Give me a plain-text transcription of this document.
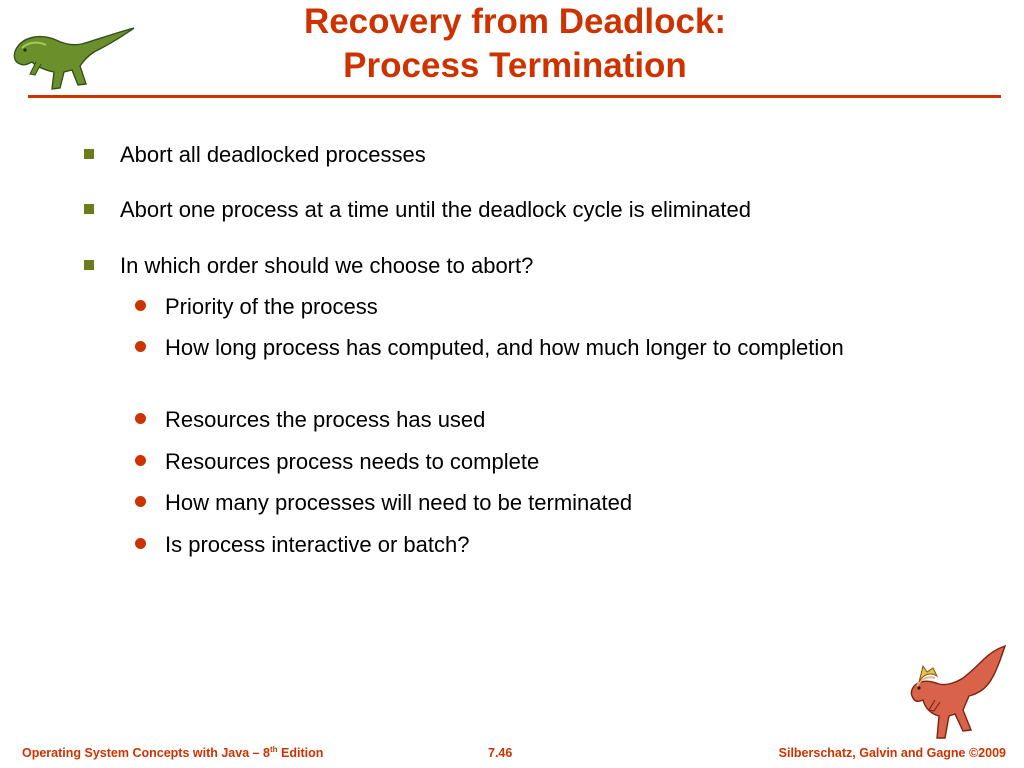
Recovery from Deadlock:
Process Termination
Abort all deadlocked processes
Abort one process at a time until the deadlock cycle is eliminated
In which order should we choose to abort?
Priority of the process
How long process has computed, and how much longer to completion
Resources the process has used
Resources process needs to complete
How many processes will need to be terminated
Is process interactive or batch?
Operating System Concepts with Java – 8th Edition	7.46	Silberschatz, Galvin and Gagne ©2009
